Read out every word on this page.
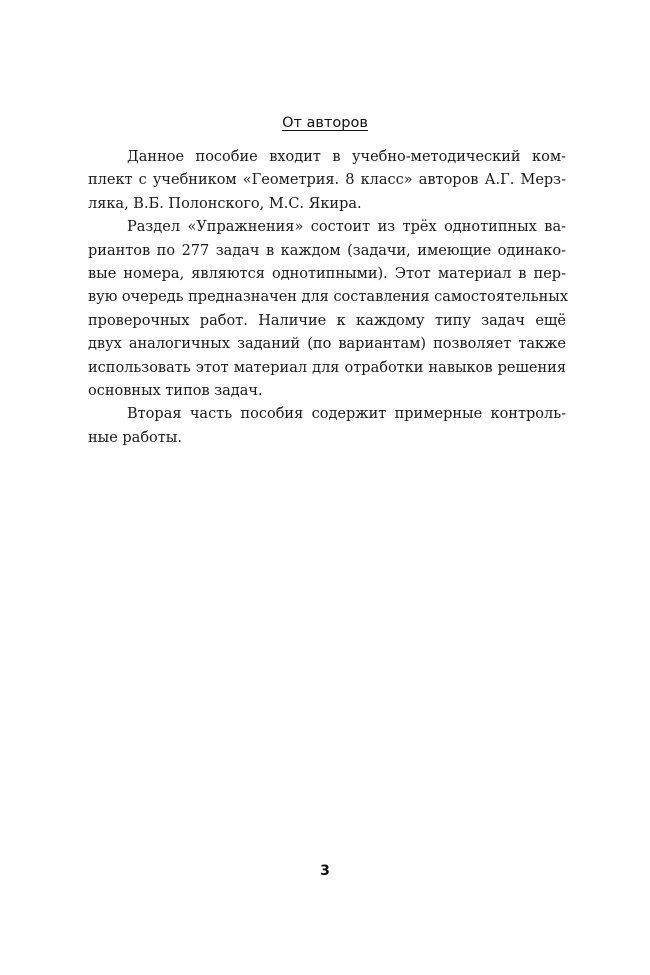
От авторов
Данное пособие входит в учебно-методический ком-
плект с учебником «Геометрия. 8 класс» авторов А.Г. Мерз-
ляка, В.Б. Полонского, М.С. Якира.
Раздел «Упражнения» состоит из трёх однотипных ва-
риантов по 277 задач в каждом (задачи, имеющие одинако-
вые номера, являются однотипными). Этот материал в пер-
вую очередь предназначен для составления самостоятельных
проверочных работ. Наличие к каждому типу задач ещё
двух аналогичных заданий (по вариантам) позволяет также
использовать этот материал для отработки навыков решения
основных типов задач.
Вторая часть пособия содержит примерные контроль-
ные работы.
3
